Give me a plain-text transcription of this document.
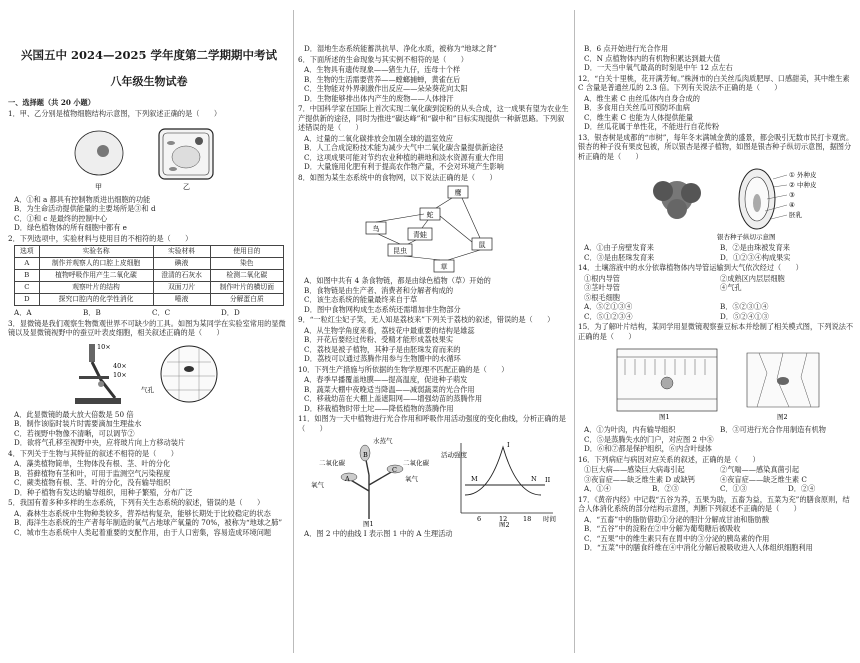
兴国五中 2024—2025 学年度第二学期期中考试
八年级生物试卷
一、选择题（共 20 小题）
1．甲、乙分别是植物细胞结构示意图，下列叙述正确的是（　　）
甲	乙
A．①和 a 都具有控制物质进出细胞的功能
B．为生命活动提供能量的主要场所是③和 d
C．①和 c 是最终的控制中心
D．绿色植物体的所有细胞中都有 e
2．下列选项中，实验材料与使用目的不相符的是（　　）
选项	实验名称	实验材料	使用目的
A	制作并观察人的口腔上皮细胞	碘液	染色
B	植物呼吸作用产生二氧化碳	澄清的石灰水	检测二氧化碳
C	观察叶片的结构	双面刀片	制作叶片的横切面
D	探究口腔内的化学性消化	唾液	分解蛋白质
A．A	B．B	C．C	D．D
3．显微镜是我们观察生物微观世界不可缺少的工具。如图为某同学在实验室常用的显微镜以及显微镜视野中的蚕豆叶表皮细胞，相关叙述正确的是（　　）
10×
40×
10×
气孔
A．此显微镜的最大放大倍数是 50 倍
B．制作该临时装片时需要滴加生理盐水
C．若视野中物像不清晰，可以调节②
D．欲将气孔移至视野中央，应将玻片向上方移动装片
4．下列关于生物与其特征的叙述不相符的是（　　）
A．藻类植物简单，生物体没有根、茎、叶的分化
B．苔藓植物有茎和叶，可用于监测空气污染程度
C．蕨类植物有根、茎、叶的分化，没有输导组织
D．种子植物有发达的输导组织，用种子繁殖，分布广泛
5．我国有着多种多样的生态系统，下列有关生态系统的叙述，错误的是（　　）
A．森林生态系统中生物种类较多，营养结构复杂，能够长期处于比较稳定的状态
B．海洋生态系统的生产者每年制造的氧气占地球产氧量的 70%，被称为“地球之肺”
C．城市生态系统中人类起着重要的支配作用，由于人口密集，容易造成环境问题
D．湿地生态系统能蓄洪抗旱、净化水质，被称为“地球之肾”
6．下面所述的生命现象与其实例不相符的是（　　）
A．生物具有遗传现象——猪生九仔，连母十个样
B．生物的生活需要营养——螳螂捕蝉，黄雀在后
C．生物能对外界刺激作出反应——朵朵葵花向太阳
D．生物能够排出体内产生的废物——人体排汗
7．中国科学家在国际上首次实现二氧化碳到淀粉的从头合成，这一成果有望为农业生产提供新的途径，同时为推进“碳达峰”和“碳中和”目标实现提供一种新思路。下列叙述错误的是（　　）
A．过量的二氧化碳排放会加剧全球的温室效应
B．人工合成淀粉技术能为减少大气中二氧化碳含量提供新途径
C．这项成果可能对节约农业种植的耕地和淡水资源有重大作用
D．大量施用化肥有利于提高农作物产量，不会对环境产生影响
8．如图为某生态系统中的食物网，以下说法正确的是（　　）
鹰
蛇
鸟
青蛙
昆虫
鼠
草
A．如图中共有 4 条食物链，都是由绿色植物（草）开始的
B．食物链是由生产者、消费者和分解者构成的
C．该生态系统的能量最终来自于草
D．图中食物网构成生态系统还需增加非生物部分
9．“一粒红尘妃子笑，无人知是荔枝来”下列关于荔枝的叙述，错误的是（　　）
A．从生物学角度来看，荔枝花中最重要的结构是雄蕊
B．开花后要经过传粉、受精才能形成荔枝果实
C．荔枝是被子植物，其种子是由胚珠发育而来的
D．荔枝可以通过蒸腾作用参与生物圈中的水循环
10．下列生产措施与所依据的生物学原理不匹配正确的是（　　）
A．春季早播覆盖地膜——提高温度，促进种子萌发
B．蔬菜大棚中夜晚适当降温——减弱蔬菜的光合作用
C．移栽幼苗在大棚上盖遮阳网——增强幼苗的蒸腾作用
D．移栽植物时带土坨——降低植物的蒸腾作用
11．如图为一天中植物进行光合作用和呼吸作用活动强度的变化曲线，分析正确的是（　　）
水蒸气
二氧化碳
氧气
A
B
C
二氧化碳
氧气
图1
活动强度
I
II
M	N
6	12 18 时间
图2
A．图 2 中的曲线 I 表示图 1 中的 A 生理活动
B．6 点开始进行光合作用
C．N 点植物体内的有机物积累达到最大值
D．一天当中氧气最高的时刻是中午 12 点左右
12．“白关十里桃，花开满芳甸。”株洲市的白关丝瓜肉质肥厚、口感甜美，其中维生素 C 含量是普通丝瓜的 2.3 倍。下列有关说法不正确的是（　　）
A．维生素 C 由丝瓜体内自身合成的
B．多食用白关丝瓜可预防坏血病
C．维生素 C 也能为人体提供能量
D．丝瓜花属于单性花，不能进行自花传粉
13．银杏树是成都的“市树”，每年冬末满城金黄的盛景，都会吸引无数市民打卡观赏。银杏的种子没有果皮包被，所以银杏是裸子植物，如图是银杏种子纵切示意图，据图分析正确的是（　　）
① 外种皮
② 中种皮
③
④
胚乳
银杏种子纵切示意图
A．①由子房壁发育来	B．②是由珠被发育来
C．③是由胚珠发育来	D．①②③④构成果实
14．土壤溶液中的水分依靠植物体内导管运输到大气依次经过（　　）
①根内导管	②成熟区内层层细胞
③茎叶导管	④气孔
⑤根毛细胞
A．⑤②①③④	B．⑤②③①④
C．⑤①②③④	D．⑤②④①③
15．为了解叶片结构，某同学用显微镜观察蚕豆标本并绘制了相关模式图，下列说法不正确的是（　　）
图1	图2
A．①为叶肉，内有输导组织	B．③可进行光合作用制造有机物
C．⑤是蒸腾失水的门户，对应图 2 中⑧
D．⑥和⑦都是保护组织，⑥内含叶绿体
16．下列病症与病因对应关系的叙述，正确的是（　　）
①巨大病——感染巨大病毒引起	②气喘——感染真菌引起
③夜盲症——缺乏维生素 D 或缺钙	④夜盲症——缺乏维生素 C
A．①④	B．②③	C．①③	D．②④
17．《黄帝内经》中记载“五谷为养，五果为助，五畜为益，五菜为充”的膳食原则，结合人体消化系统的部分结构示意图，判断下列叙述不正确的是（　　）
A．“五畜”中的脂肪借助①分泌的胆汁分解成甘油和脂肪酸
B．“五谷”中的淀粉在②中分解为葡萄糖后被吸收
C．“五果”中的维生素只有在胃中的③分泌的胰岛素的作用
D．“五菜”中的膳食纤维在④中消化分解后被吸收进入人体组织细胞利用
